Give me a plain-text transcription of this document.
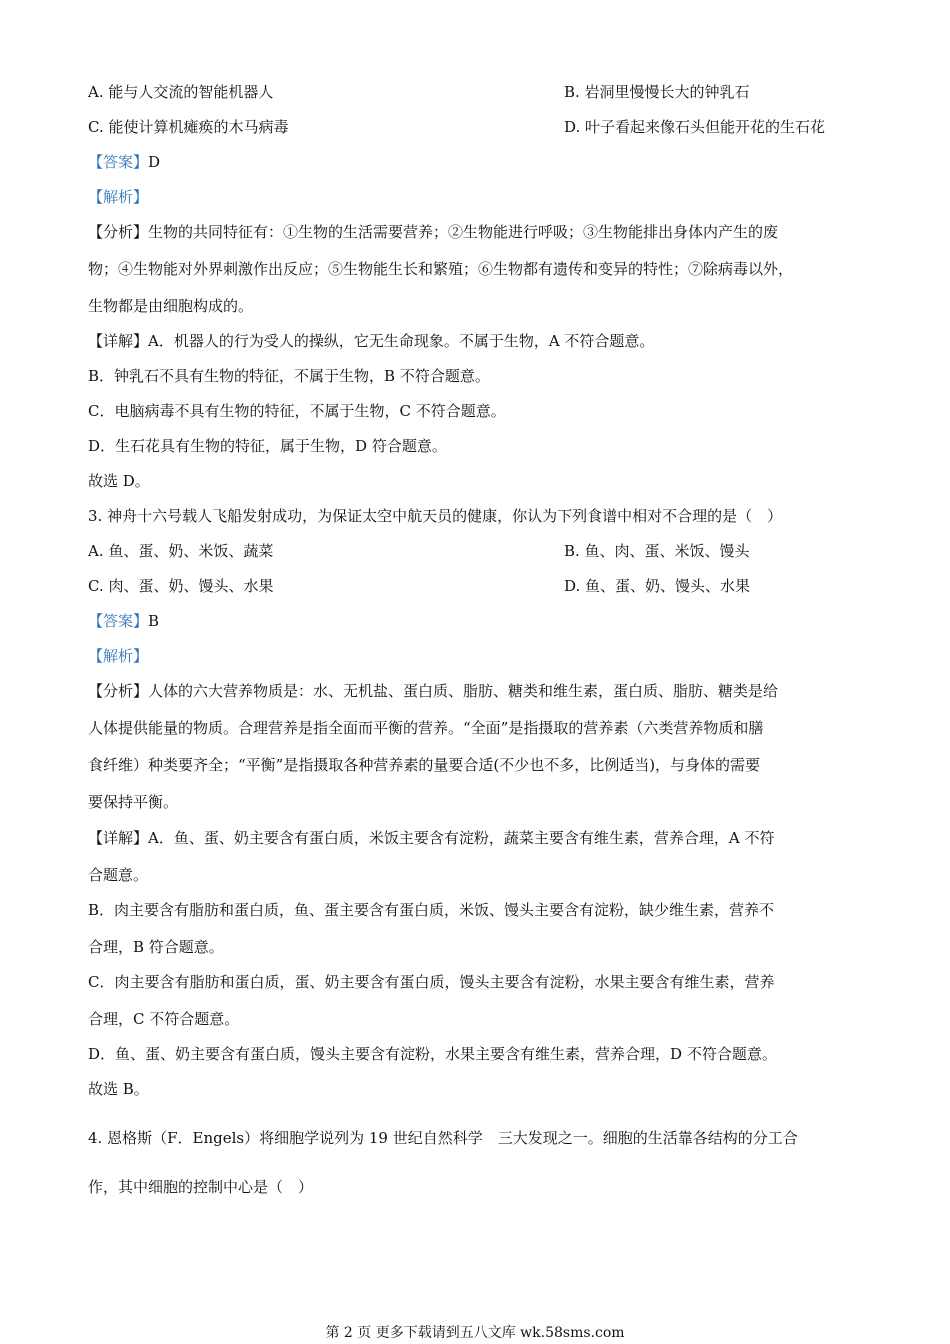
A. 能与人交流的智能机器人	B. 岩洞里慢慢长大的钟乳石
C. 能使计算机瘫痪的木马病毒	D. 叶子看起来像石头但能开花的生石花
【答案】D
【解析】
【分析】生物的共同特征有：①生物的生活需要营养；②生物能进行呼吸；③生物能排出身体内产生的废
物；④生物能对外界刺激作出反应；⑤生物能生长和繁殖；⑥生物都有遗传和变异的特性；⑦除病毒以外，
生物都是由细胞构成的。
【详解】A．机器人的行为受人的操纵，它无生命现象。不属于生物，A 不符合题意。
B．钟乳石不具有生物的特征，不属于生物，B 不符合题意。
C．电脑病毒不具有生物的特征，不属于生物，C 不符合题意。
D．生石花具有生物的特征，属于生物，D 符合题意。
故选 D。
3. 神舟十六号载人飞船发射成功，为保证太空中航天员的健康，你认为下列食谱中相对不合理的是（　）
A. 鱼、蛋、奶、米饭、蔬菜	B. 鱼、肉、蛋、米饭、馒头
C. 肉、蛋、奶、馒头、水果	D. 鱼、蛋、奶、馒头、水果
【答案】B
【解析】
【分析】人体的六大营养物质是：水、无机盐、蛋白质、脂肪、糖类和维生素，蛋白质、脂肪、糖类是给
人体提供能量的物质。合理营养是指全面而平衡的营养。“全面”是指摄取的营养素（六类营养物质和膳
食纤维）种类要齐全；“平衡”是指摄取各种营养素的量要合适(不少也不多，比例适当)，与身体的需要
要保持平衡。
【详解】A．鱼、蛋、奶主要含有蛋白质，米饭主要含有淀粉，蔬菜主要含有维生素，营养合理，A 不符
合题意。
B．肉主要含有脂肪和蛋白质，鱼、蛋主要含有蛋白质，米饭、馒头主要含有淀粉，缺少维生素，营养不
合理，B 符合题意。
C．肉主要含有脂肪和蛋白质，蛋、奶主要含有蛋白质，馒头主要含有淀粉，水果主要含有维生素，营养
合理，C 不符合题意。
D．鱼、蛋、奶主要含有蛋白质，馒头主要含有淀粉，水果主要含有维生素，营养合理，D 不符合题意。
故选 B。
4. 恩格斯（F．Engels）将细胞学说列为 19 世纪自然科学　三大发现之一。细胞的生活靠各结构的分工合
作，其中细胞的控制中心是（　）
第 2 页 更多下载请到五八文库 wk.58sms.com
